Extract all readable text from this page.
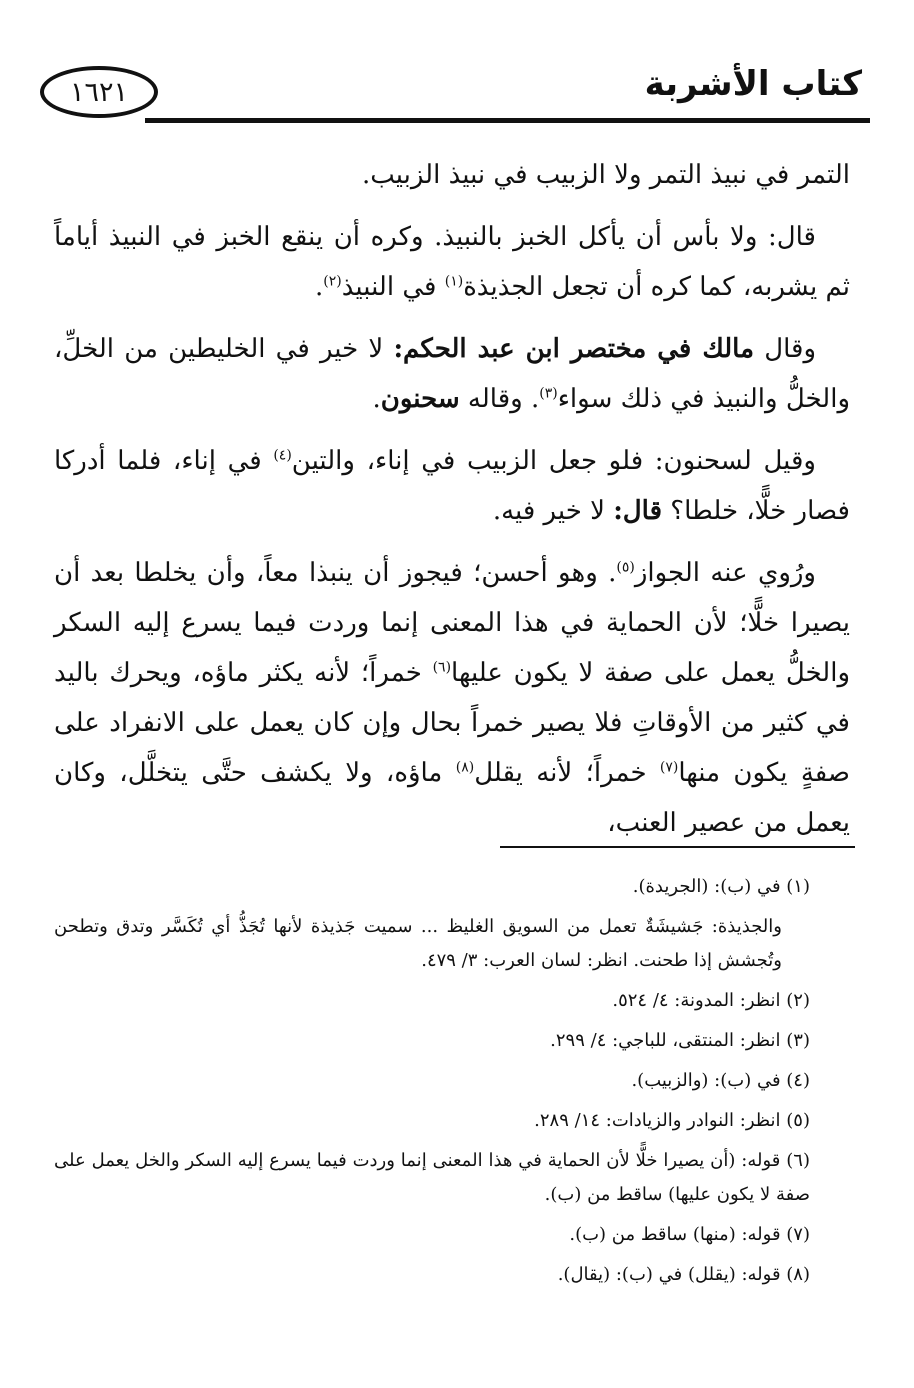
١٦٢١	كتاب الأشربة

التمر في نبيذ التمر ولا الزبيب في نبيذ الزبيب.

قال: ولا بأس أن يأكل الخبز بالنبيذ. وكره أن ينقع الخبز في النبيذ أياماً ثم يشربه، كما كره أن تجعل الجذيذة$^{(١)}$ في النبيذ$^{(٢)}$.

وقال مالك في مختصر ابن عبد الحكم: لا خير في الخليطين من الخلِّ، والخلُّ والنبيذ في ذلك سواء$^{(٣)}$. وقاله سحنون.

وقيل لسحنون: فلو جعل الزبيب في إناء، والتين$^{(٤)}$ في إناء، فلما أدركا فصار خلًّا، خلطا؟ قال: لا خير فيه.

ورُوي عنه الجواز$^{(٥)}$. وهو أحسن؛ فيجوز أن ينبذا معاً، وأن يخلطا بعد أن يصيرا خلًّا؛ لأن الحماية في هذا المعنى إنما وردت فيما يسرع إليه السكر والخلُّ يعمل على صفة لا يكون عليها$^{(٦)}$ خمراً؛ لأنه يكثر ماؤه، ويحرك باليد في كثير من الأوقاتِ فلا يصير خمراً بحال وإن كان يعمل على الانفراد على صفةٍ يكون منها$^{(٧)}$ خمراً؛ لأنه يقلل$^{(٨)}$ ماؤه، ولا يكشف حتَّى يتخلَّل، وكان يعمل من عصير العنب،

(١) في (ب): (الجريدة).

والجذيذة: جَشيشَةٌ تعمل من السويق الغليظ ... سميت جَذيذة لأنها تُجَذُّ أي تُكَسَّر وتدق وتطحن وتُجشش إذا طحنت. انظر: لسان العرب: ٣/ ٤٧٩.

(٢) انظر: المدونة: ٤/ ٥٢٤.

(٣) انظر: المنتقى، للباجي: ٤/ ٢٩٩.

(٤) في (ب): (والزبيب).

(٥) انظر: النوادر والزيادات: ١٤/ ٢٨٩.

(٦) قوله: (أن يصيرا خلًّا لأن الحماية في هذا المعنى إنما وردت فيما يسرع إليه السكر والخل يعمل على صفة لا يكون عليها) ساقط من (ب).

(٧) قوله: (منها) ساقط من (ب).

(٨) قوله: (يقلل) في (ب): (يقال).
